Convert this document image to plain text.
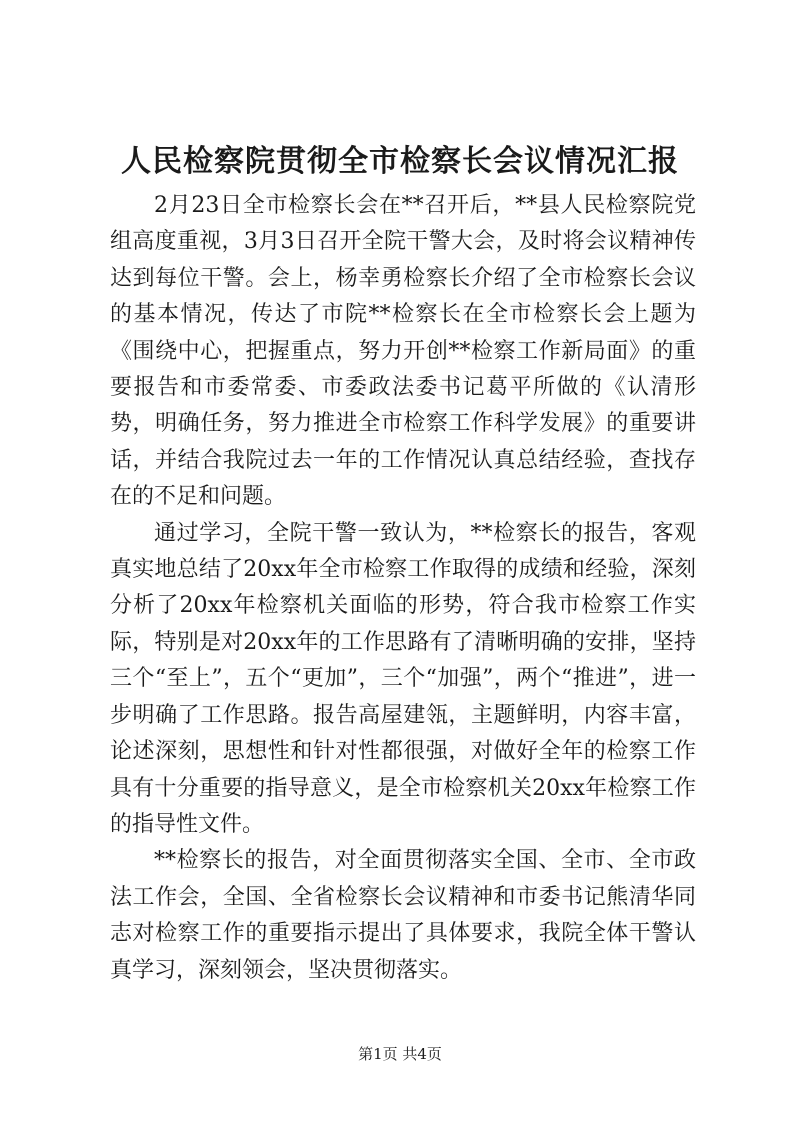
人民检察院贯彻全市检察长会议情况汇报

2月23日全市检察长会在**召开后，**县人民检察院党组高度重视，3月3日召开全院干警大会，及时将会议精神传达到每位干警。会上，杨幸勇检察长介绍了全市检察长会议的基本情况，传达了市院**检察长在全市检察长会上题为《围绕中心，把握重点，努力开创**检察工作新局面》的重要报告和市委常委、市委政法委书记葛平所做的《认清形势，明确任务，努力推进全市检察工作科学发展》的重要讲话，并结合我院过去一年的工作情况认真总结经验，查找存在的不足和问题。

通过学习，全院干警一致认为，**检察长的报告，客观真实地总结了20xx年全市检察工作取得的成绩和经验，深刻分析了20xx年检察机关面临的形势，符合我市检察工作实际，特别是对20xx年的工作思路有了清晰明确的安排，坚持三个“至上”，五个“更加”，三个“加强”，两个“推进”，进一步明确了工作思路。报告高屋建瓴，主题鲜明，内容丰富，论述深刻，思想性和针对性都很强，对做好全年的检察工作具有十分重要的指导意义，是全市检察机关20xx年检察工作的指导性文件。

**检察长的报告，对全面贯彻落实全国、全市、全市政法工作会，全国、全省检察长会议精神和市委书记熊清华同志对检察工作的重要指示提出了具体要求，我院全体干警认真学习，深刻领会，坚决贯彻落实。

第1页 共4页
